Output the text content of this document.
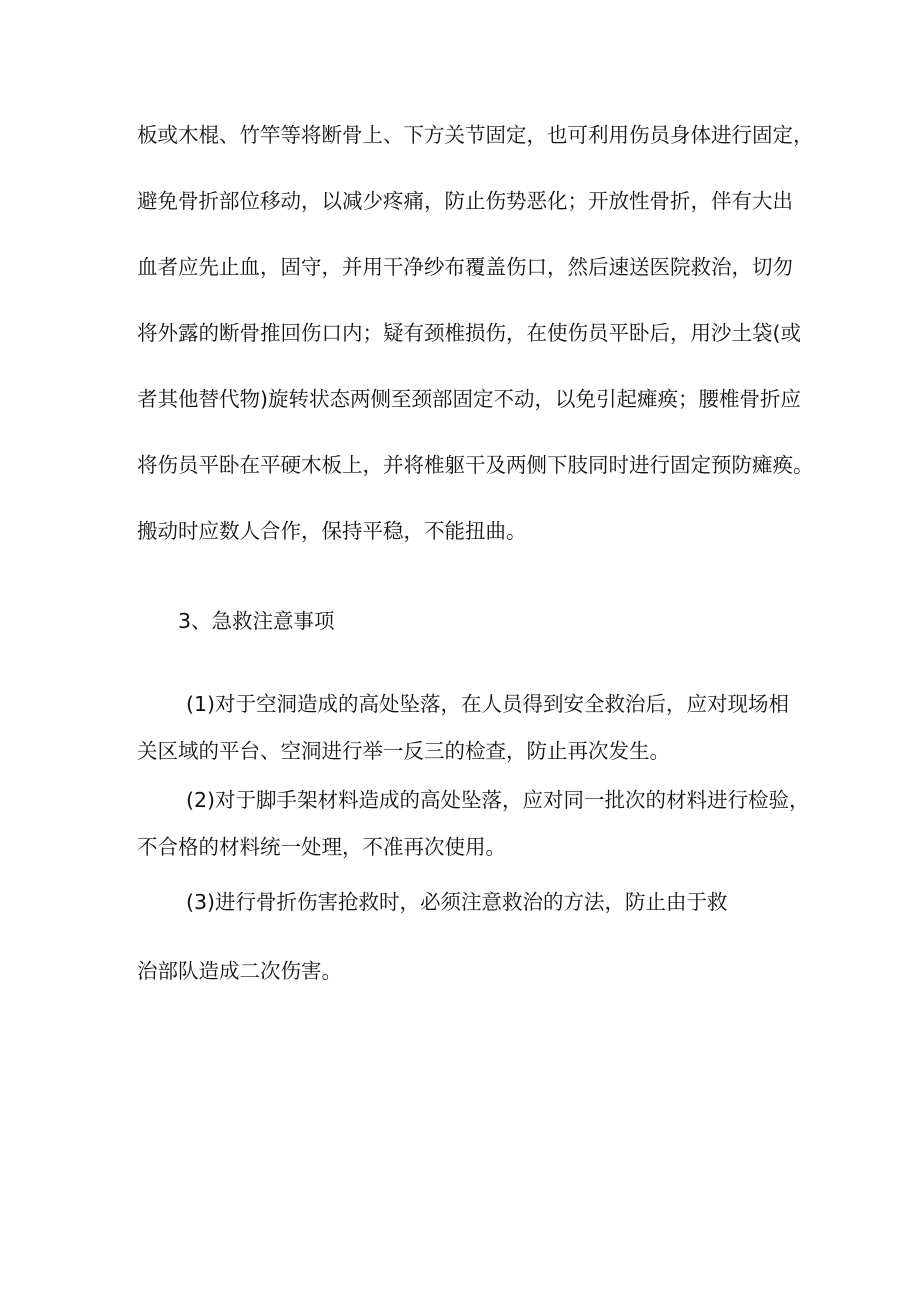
板或木棍、竹竿等将断骨上、下方关节固定，也可利用伤员身体进行固定，
避免骨折部位移动，以减少疼痛，防止伤势恶化；开放性骨折，伴有大出
血者应先止血，固守，并用干净纱布覆盖伤口，然后速送医院救治，切勿
将外露的断骨推回伤口内；疑有颈椎损伤，在使伤员平卧后，用沙土袋(或
者其他替代物)旋转状态两侧至颈部固定不动，以免引起瘫痪；腰椎骨折应
将伤员平卧在平硬木板上，并将椎躯干及两侧下肢同时进行固定预防瘫痪。
搬动时应数人合作，保持平稳，不能扭曲。
3、急救注意事项
(1)对于空洞造成的高处坠落，在人员得到安全救治后，应对现场相
关区域的平台、空洞进行举一反三的检查，防止再次发生。
(2)对于脚手架材料造成的高处坠落，应对同一批次的材料进行检验，
不合格的材料统一处理，不准再次使用。
(3)进行骨折伤害抢救时，必须注意救治的方法，防止由于救
治部队造成二次伤害。
